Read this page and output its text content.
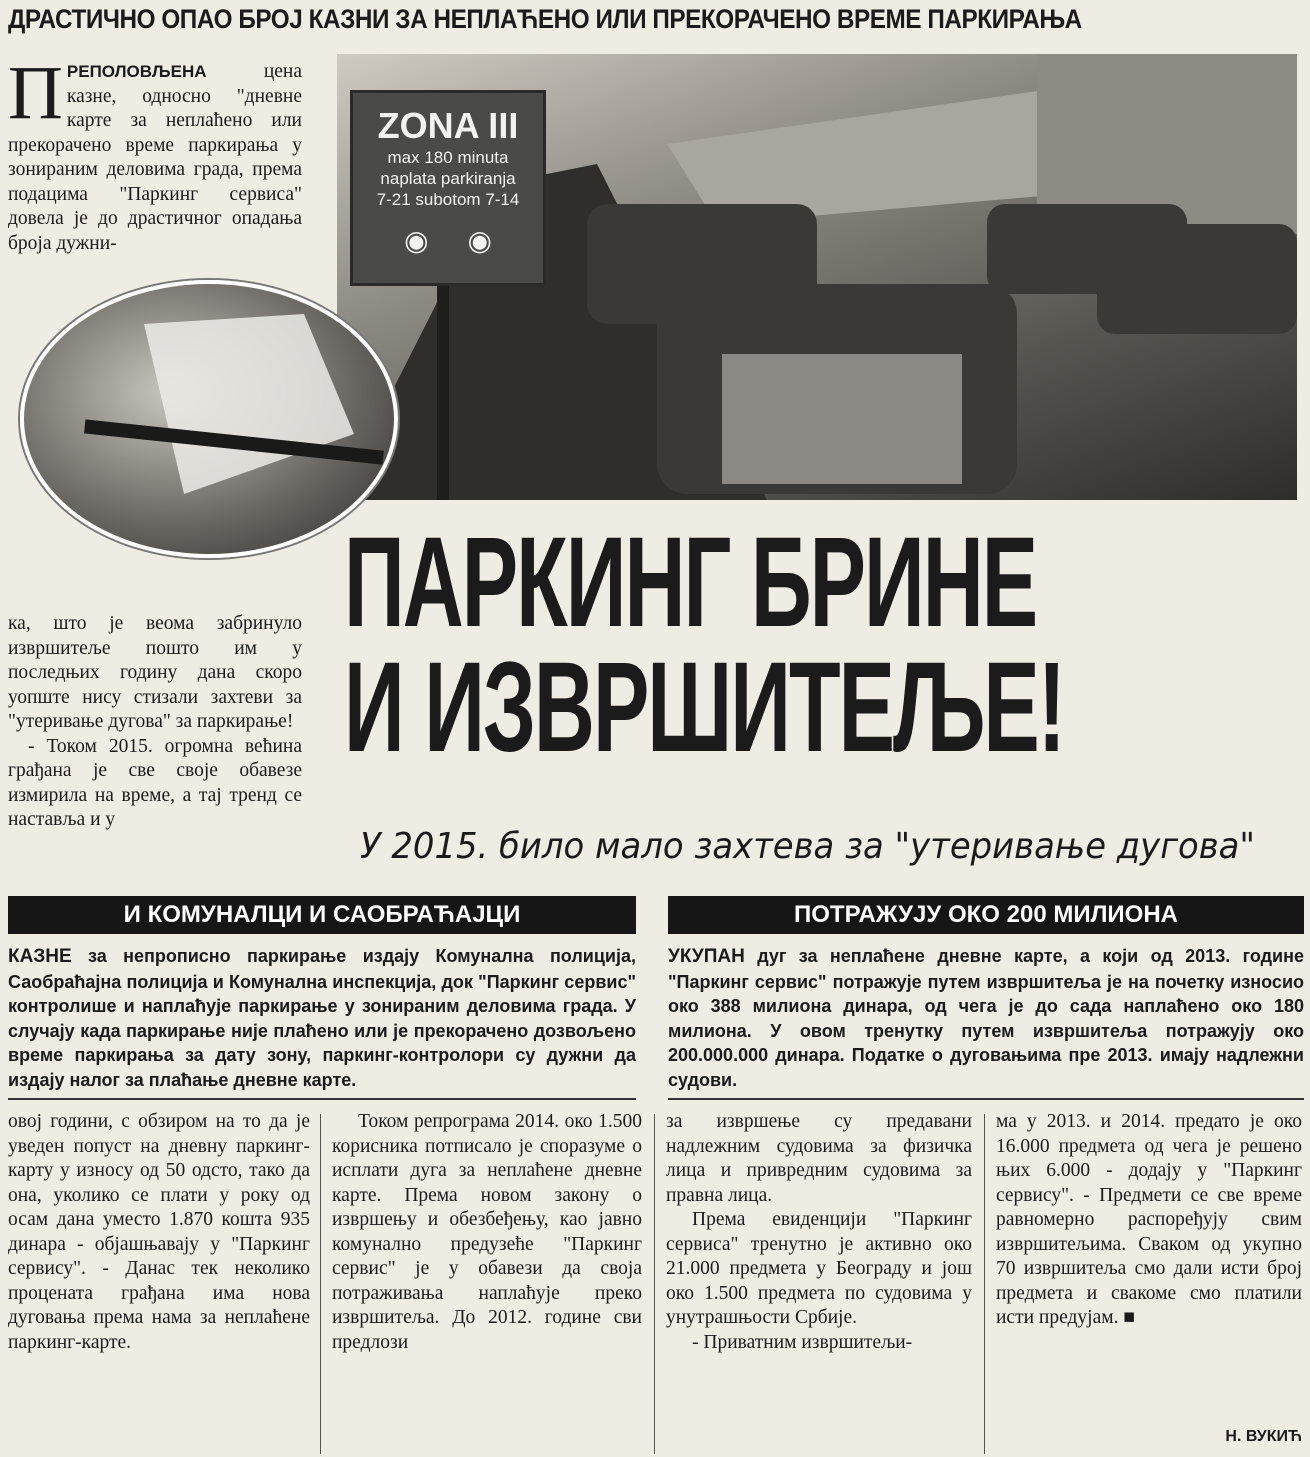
ДРАСТИЧНО ОПАО БРОЈ КАЗНИ ЗА НЕПЛАЋЕНО ИЛИ ПРЕКОРАЧЕНО ВРЕМЕ ПАРКИРАЊА
ПРЕПОЛОВЉЕНА цена казне, односно "дневне карте за неплаћено или прекорачено време паркирања у зонираним деловима града, према подацима "Паркинг сервиса" довела је до драстичног опадања броја дужни-
ZONA III
max 180 minuta
naplata parkiranja
7-21 subotom 7-14
◉     ◉
ка, што је веома забринуло извршитеље пошто им у последњих годину дана скоро уопште нису стизали захтеви за "утеривање дугова" за паркирање!
- Током 2015. огромна већина грађана је све своје обавезе измирила на време, а тај тренд се наставља и у
ПАРКИНГ БРИНЕ
И ИЗВРШИТЕЉЕ!
У 2015. било мало захтева за "утеривање дугова"
И КОМУНАЛЦИ И САОБРАЋАЈЦИ
КАЗНЕ за непрописно паркирање издају Комунална полиција, Саобраћајна полиција и Комунална инспекција, док "Паркинг сервис" контролише и наплаћује паркирање у зонираним деловима града. У случају када паркирање није плаћено или је прекорачено дозвољено време паркирања за дату зону, паркинг-контролори су дужни да издају налог за плаћање дневне карте.
ПОТРАЖУЈУ ОКО 200 МИЛИОНА
УКУПАН дуг за неплаћене дневне карте, а који од 2013. године "Паркинг сервис" потражује путем извршитеља је на почетку износио око 388 милиона динара, од чега је до сада наплаћено око 180 милиона. У овом тренутку путем извршитеља потражују око 200.000.000 динара. Податке о дуговањима пре 2013. имају надлежни судови.
овој години, с обзиром на то да је уведен попуст на дневну паркинг-карту у износу од 50 одсто, тако да она, уколико се плати у року од осам дана уместо 1.870 кошта 935 динара - објашњавају у "Паркинг сервису". - Данас тек неколико процената грађана има нова дуговања према нама за неплаћене паркинг-карте.
Током репрограма 2014. око 1.500 корисника потписало је споразуме о исплати дуга за неплаћене дневне карте. Према новом закону о извршењу и обезбеђењу, као јавно комунално предузеће "Паркинг сервис" је у обавези да своја потраживања наплаћује преко извршитеља. До 2012. године сви предлози
за извршење су предавани надлежним судовима за физичка лица и привредним судовима за правна лица.
Према евиденцији "Паркинг сервиса" тренутно је активно око 21.000 предмета у Београду и још око 1.500 предмета по судовима у унутрашњости Србије.
- Приватним извршитељи-
ма у 2013. и 2014. предато је око 16.000 предмета од чега је решено њих 6.000 - додају у "Паркинг сервису". - Предмети се све време равномерно распоређују свим извршитељима. Сваком од укупно 70 извршитеља смо дали исти број предмета и свакоме смо платили исти предујам. ■
Н. ВУКИЋ
